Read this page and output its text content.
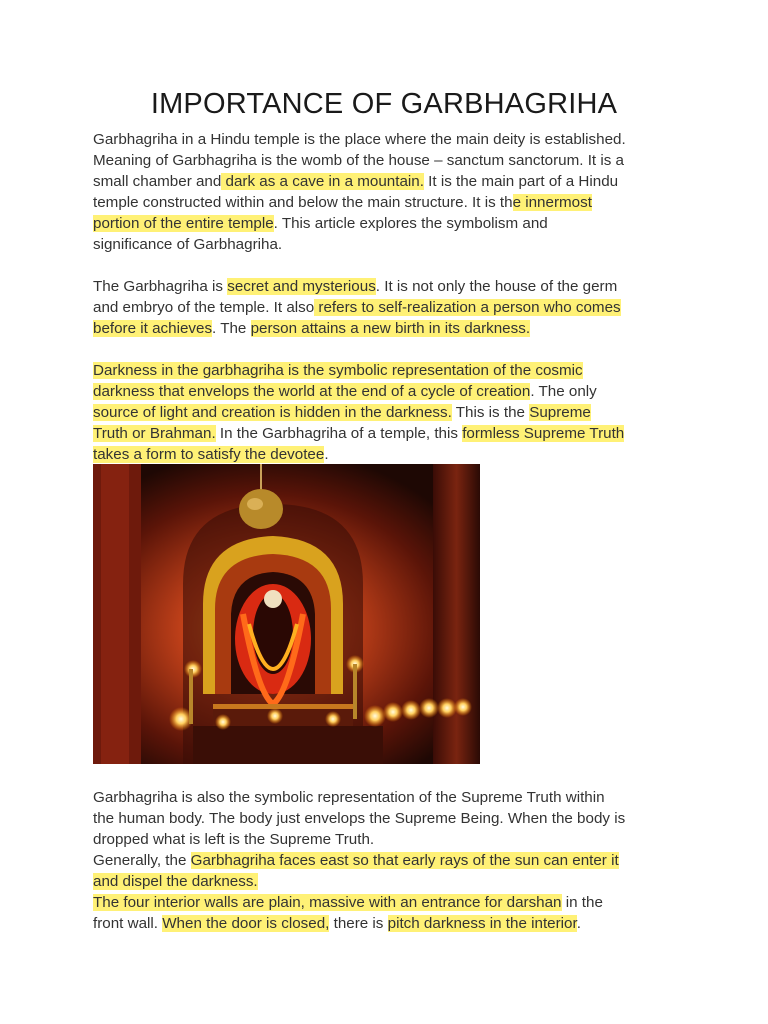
IMPORTANCE OF GARBHAGRIHA
Garbhagriha in a Hindu temple is the place where the main deity is established.
Meaning of Garbhagriha is the womb of the house – sanctum sanctorum. It is a
small chamber and dark as a cave in a mountain. It is the main part of a Hindu
temple constructed within and below the main structure. It is the innermost
portion of the entire temple. This article explores the symbolism and
significance of Garbhagriha.
The Garbhagriha is secret and mysterious. It is not only the house of the germ
and embryo of the temple. It also refers to self-realization a person who comes
before it achieves. The person attains a new birth in its darkness.
Darkness in the garbhagriha is the symbolic representation of the cosmic
darkness that envelops the world at the end of a cycle of creation. The only
source of light and creation is hidden in the darkness. This is the Supreme
Truth or Brahman. In the Garbhagriha of a temple, this formless Supreme Truth
takes a form to satisfy the devotee.
Garbhagriha is also the symbolic representation of the Supreme Truth within
the human body. The body just envelops the Supreme Being. When the body is
dropped what is left is the Supreme Truth.
Generally, the Garbhagriha faces east so that early rays of the sun can enter it
and dispel the darkness.
The four interior walls are plain, massive with an entrance for darshan in the
front wall. When the door is closed, there is pitch darkness in the interior.
